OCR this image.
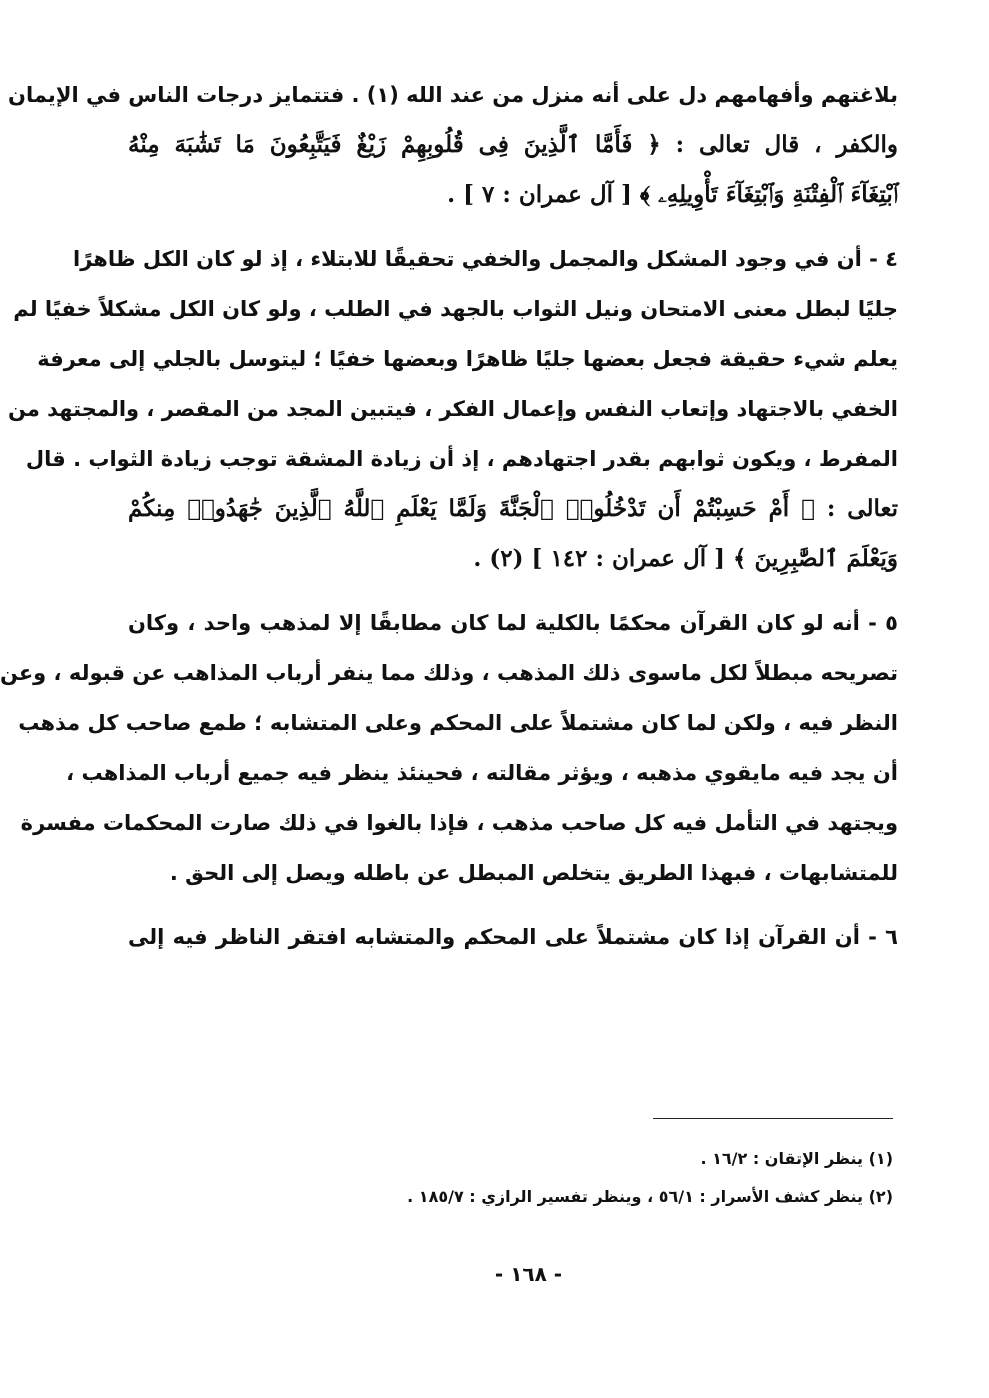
بلاغتهم وأفهامهم دل على أنه منزل من عند الله (١) . فتتمايز درجات الناس في الإيمان
والكفر ، قال تعالى : ﴿ فَأَمَّا ٱلَّذِينَ فِى قُلُوبِهِمْ زَيْغٌ فَيَتَّبِعُونَ مَا تَشَٰبَهَ مِنْهُ
ٱبْتِغَآءَ ٱلْفِتْنَةِ وَٱبْتِغَآءَ تَأْوِيلِهِۦ ﴾ [ آل عمران : ٧ ] .
٤ - أن في وجود المشكل والمجمل والخفي تحقيقًا للابتلاء ، إذ لو كان الكل ظاهرًا
جليًا لبطل معنى الامتحان ونيل الثواب بالجهد في الطلب ، ولو كان الكل مشكلاً خفيًا لم
يعلم شيء حقيقة فجعل بعضها جليًا ظاهرًا وبعضها خفيًا ؛ ليتوسل بالجلي إلى معرفة
الخفي بالاجتهاد وإتعاب النفس وإعمال الفكر ، فيتبين المجد من المقصر ، والمجتهد من
المفرط ، ويكون ثوابهم بقدر اجتهادهم ، إذ أن زيادة المشقة توجب زيادة الثواب . قال
تعالى : ﴿ أَمْ حَسِبْتُمْ أَن تَدْخُلُوا۟ ٱلْجَنَّةَ وَلَمَّا يَعْلَمِ ٱللَّهُ ٱلَّذِينَ جَٰهَدُوا۟ مِنكُمْ
وَيَعْلَمَ ٱلصَّٰبِرِينَ ﴾ [ آل عمران : ١٤٢ ] (٢) .
٥ - أنه لو كان القرآن محكمًا بالكلية لما كان مطابقًا إلا لمذهب واحد ، وكان
تصريحه مبطلاً لكل ماسوى ذلك المذهب ، وذلك مما ينفر أرباب المذاهب عن قبوله ، وعن
النظر فيه ، ولكن لما كان مشتملاً على المحكم وعلى المتشابه ؛ طمع صاحب كل مذهب
أن يجد فيه مايقوي مذهبه ، ويؤثر مقالته ، فحينئذ ينظر فيه جميع أرباب المذاهب ،
ويجتهد في التأمل فيه كل صاحب مذهب ، فإذا بالغوا في ذلك صارت المحكمات مفسرة
للمتشابهات ، فبهذا الطريق يتخلص المبطل عن باطله ويصل إلى الحق .
٦ - أن القرآن إذا كان مشتملاً على المحكم والمتشابه افتقر الناظر فيه إلى
(١) ينظر الإتقان : ١٦/٢ .
(٢) ينظر كشف الأسرار : ٥٦/١ ، وينظر تفسير الرازي : ١٨٥/٧ .
- ١٦٨ -
